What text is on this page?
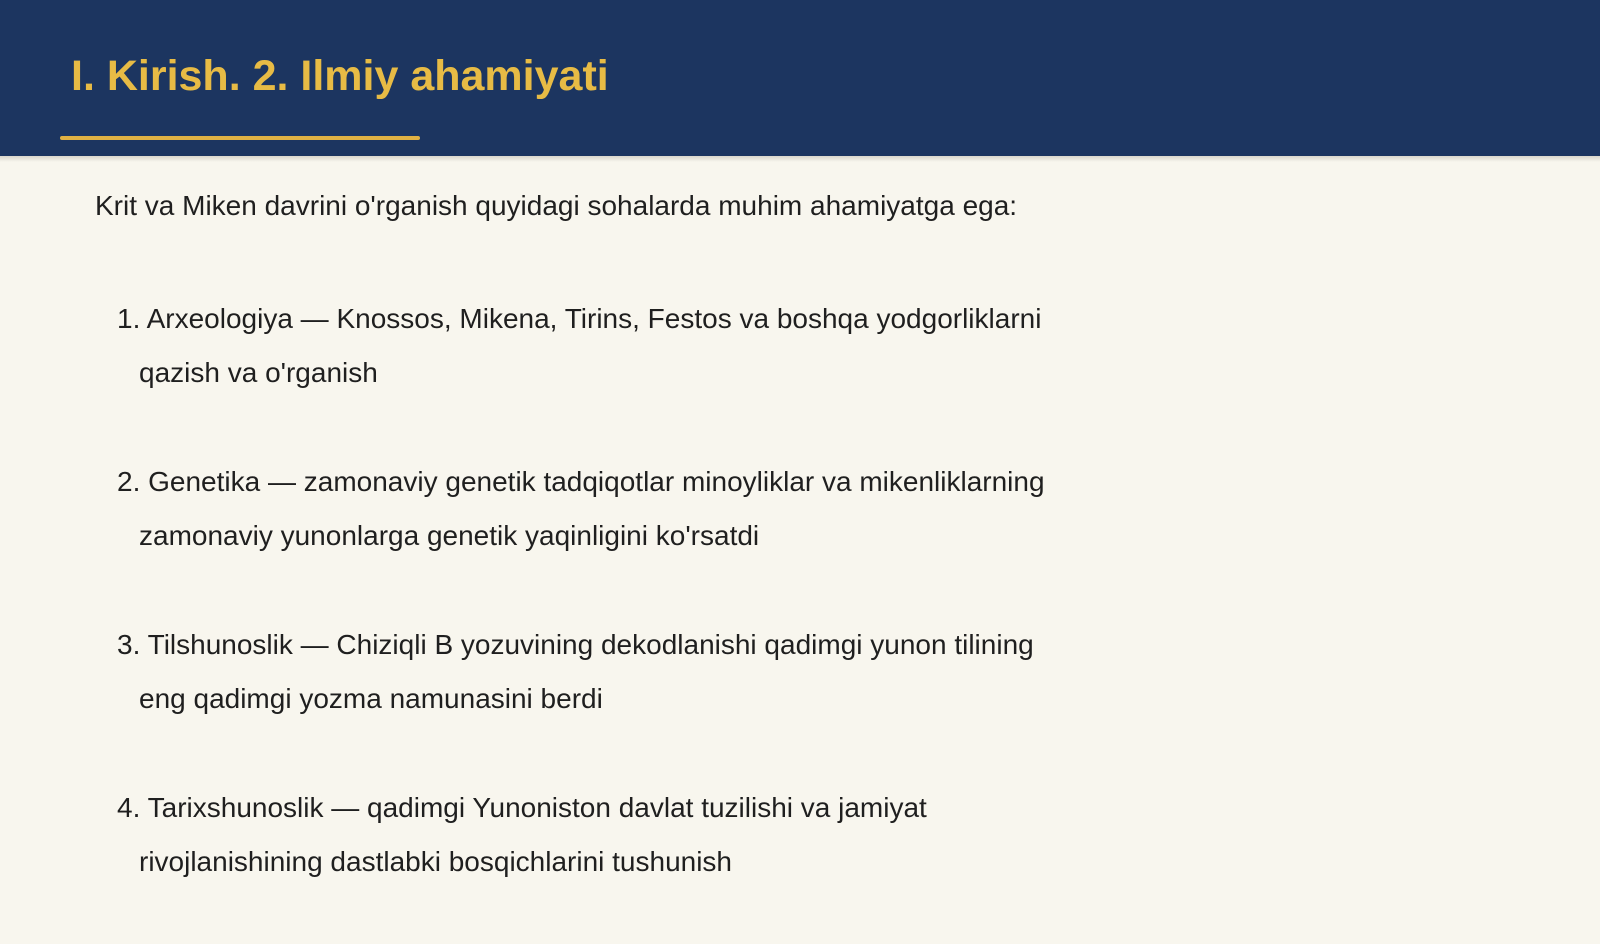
I. Kirish. 2. Ilmiy ahamiyati

Krit va Miken davrini o'rganish quyidagi sohalarda muhim ahamiyatga ega:

1. Arxeologiya — Knossos, Mikena, Tirins, Festos va boshqa yodgorliklarni
qazish va o'rganish
2. Genetika — zamonaviy genetik tadqiqotlar minoyliklar va mikenliklarning
zamonaviy yunonlarga genetik yaqinligini ko'rsatdi
3. Tilshunoslik — Chiziqli B yozuvining dekodlanishi qadimgi yunon tilining
eng qadimgi yozma namunasini berdi
4. Tarixshunoslik — qadimgi Yunoniston davlat tuzilishi va jamiyat
rivojlanishining dastlabki bosqichlarini tushunish
